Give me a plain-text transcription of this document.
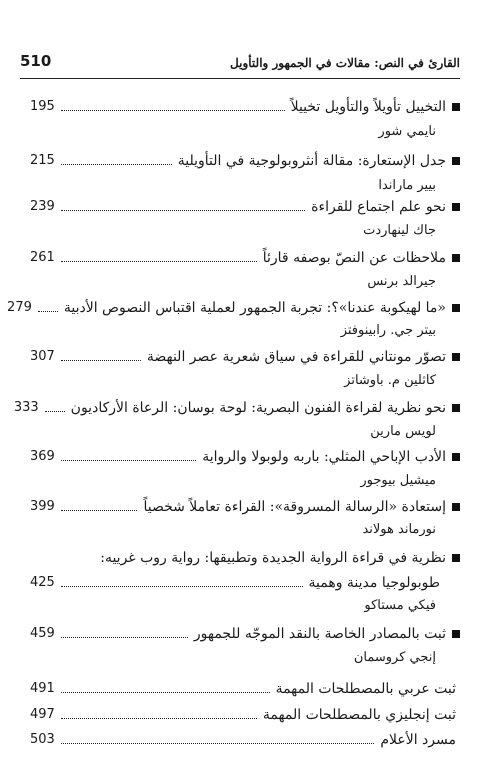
القارئ في النص: مقالات في الجمهور والتأويل
510
التخييل تأويلاً والتأويل تخييلاً
195
نايمي شور
جدل الإستعارة: مقالة أنثروبولوجية في التأويلية
215
بيير ماراندا
نحو علم اجتماع للقراءة
239
جاك لينهاردت
ملاحظات عن النصّ بوصفه قارئاً
261
جيرالد برنس
«ما لهيكوبة عندنا»؟: تجربة الجمهور لعملية اقتباس النصوص الأدبية
279
بيتر جي. رابينوفتز
تصوّر مونتاني للقراءة في سياق شعرية عصر النهضة
307
كاثلين م. باوشاتز
نحو نظرية لقراءة الفنون البصرية: لوحة بوسان: الرعاة الأركاديون
333
لويس مارين
الأدب الإباحي المثلي: باربه ولوبولا والرواية
369
ميشيل بيوجور
إستعادة «الرسالة المسروقة»: القراءة تعاملاً شخصياً
399
نورماند هولاند
نظرية في قراءة الرواية الجديدة وتطبيقها: رواية روب غرييه:
طوبولوجيا مدينة وهمية
425
فيكي مستاكو
ثبت بالمصادر الخاصة بالنقد الموجّه للجمهور
459
إنجي كروسمان
ثبت عربي بالمصطلحات المهمة
491
ثبت إنجليزي بالمصطلحات المهمة
497
مسرد الأعلام
503
